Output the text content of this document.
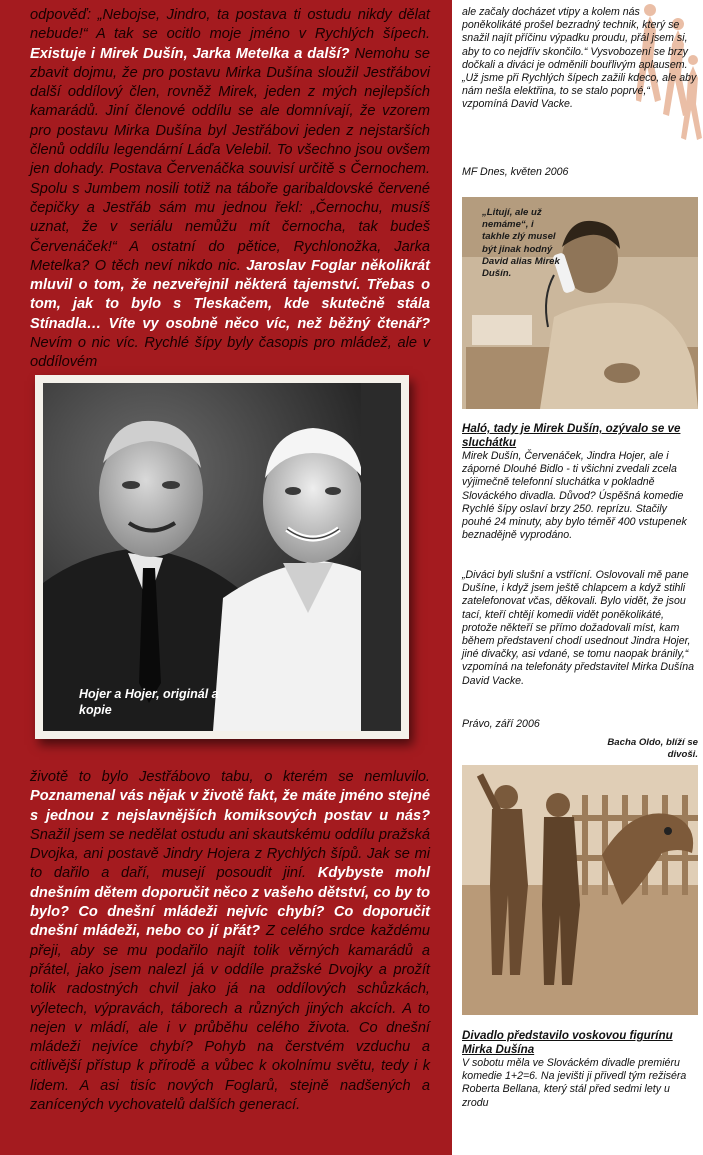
odpověď: „Nebojse, Jindro, ta postava ti ostudu nikdy dělat nebude!“ A tak se ocitlo moje jméno v Rychlých šípech. Existuje i Mirek Dušín, Jarka Metelka a další? Nemohu se zbavit dojmu, že pro postavu Mirka Dušína sloužil Jestřábovi další oddílový člen, rovněž Mirek, jeden z mých nejlepších kamarádů. Jiní členové oddílu se ale domnívají, že vzorem pro postavu Mirka Dušína byl Jestřábovi jeden z nejstarších členů oddílu legendární Láďa Velebil. To všechno jsou ovšem jen dohady. Postava Červenáčka souvisí určitě s Černochem. Spolu s Jumbem nosili totiž na táboře garibaldovské červené čepičky a Jestřáb sám mu jednou řekl: „Černochu, musíš uznat, že v seriálu nemůžu mít černocha, tak budeš Červenáček!“ A ostatní do pětice, Rychlonožka, Jarka Metelka? O těch neví nikdo nic. Jaroslav Foglar několikrát mluvil o tom, že nezveřejnil některá tajemství. Třebas o tom, jak to bylo s Tleskačem, kde skutečně stála Stínadla… Víte vy osobně něco víc, než běžný čtenář? Nevím o nic víc. Rychlé šípy byly časopis pro mládež, ale v oddílovém

Hojer a Hojer, originál a kopie

životě to bylo Jestřábovo tabu, o kterém se nemluvilo. Poznamenal vás nějak v životě fakt, že máte jméno stejné s jednou z nejslavnějších komiksových postav u nás? Snažil jsem se nedělat ostudu ani skautskému oddílu pražská Dvojka, ani postavě Jindry Hojera z Rychlých šípů. Jak se mi to dařilo a daří, musejí posoudit jiní. Kdybyste mohl dnešním dětem doporučit něco z vašeho dětství, co by to bylo? Co dnešní mládeži nejvíc chybí? Co doporučit dnešní mládeži, nebo co jí přát? Z celého srdce každému přeji, aby se mu podařilo najít tolik věrných kamarádů a přátel, jako jsem nalezl já v oddíle pražské Dvojky a prožít tolik radostných chvil jako já na oddílových schůzkách, výletech, výpravách, táborech a různých jiných akcích. A to nejen v mládí, ale i v průběhu celého života. Co dnešní mládeži nejvíce chybí? Pohyb na čerstvém vzduchu a citlivější přístup k přírodě a vůbec k okolnímu světu, tedy i k lidem. A asi tisíc nových Foglarů, stejně nadšených a zanícených vychovatelů dalších generací.

ale začaly docházet vtipy a kolem nás poněkolikáté prošel bezradný technik, který se snažil najít příčinu výpadku proudu, přál jsem si, aby to co nejdřív skončilo.“ Vysvobození se brzy dočkali a diváci je odměnili bouřlivým aplausem. „Už jsme při Rychlých šípech zažili kdeco, ale aby nám nešla elektřina, to se stalo poprvé,“ vzpomíná David Vacke.

MF Dnes, květen 2006

„Litují, ale už nemáme“, i takhle zlý musel být jinak hodný David alias Mirek Dušín.

Haló, tady je Mirek Dušín, ozývalo se ve sluchátku

Mirek Dušín, Červenáček, Jindra Hojer, ale i záporné Dlouhé Bidlo - ti všichni zvedali zcela výjimečně telefonní sluchátka v pokladně Slováckého divadla. Důvod? Úspěšná komedie Rychlé šípy oslaví brzy 250. reprízu. Stačily pouhé 24 minuty, aby bylo téměř 400 vstupenek beznadějně vyprodáno.

„Diváci byli slušní a vstřícní. Oslovovali mě pane Dušíne, i když jsem ještě chlapcem a když stihli zatelefonovat včas, děkovali. Bylo vidět, že jsou tací, kteří chtějí komedii vidět poněkolikáté, protože někteří se přímo dožadovali míst, kam během představení chodí usednout Jindra Hojer, jiné divačky, asi vdané, se tomu naopak bránily,“ vzpomíná na telefonáty představitel Mirka Dušína David Vacke.

Právo, září 2006

Bacha Oldo, blíží se divoši.

Divadlo představilo voskovou figurínu Mirka Dušína

V sobotu měla ve Slováckém divadle premiéru komedie 1+2=6. Na jevišti ji přivedl tým režiséra Roberta Bellana, který stál před sedmi lety u zrodu
